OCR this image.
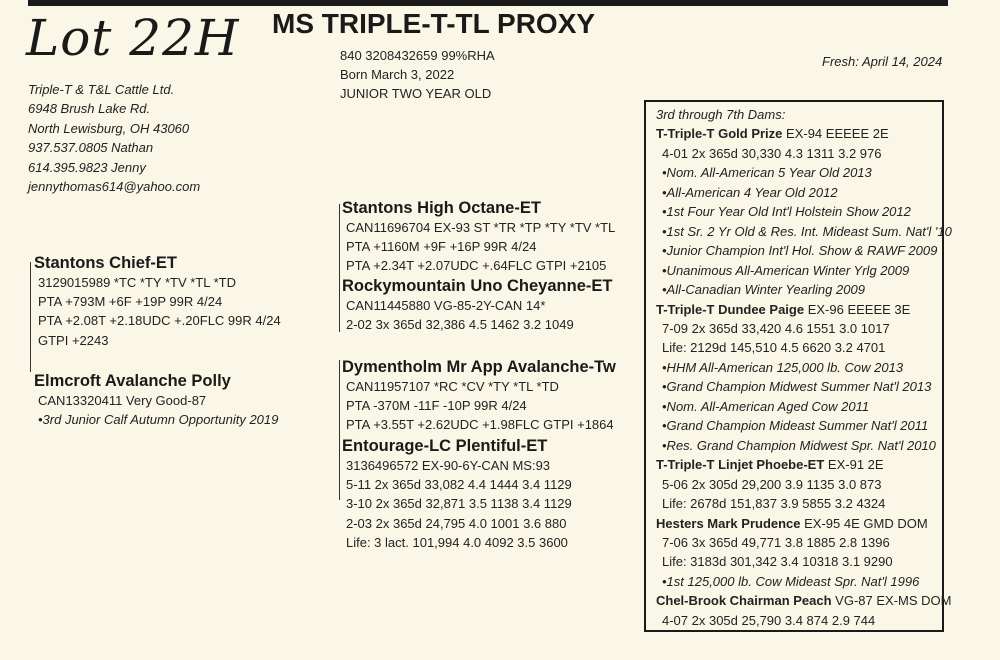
Lot 22H MS TRIPLE-T-TL PROXY
840 3208432659 99%RHA
Born March 3, 2022
JUNIOR TWO YEAR OLD
Fresh: April 14, 2024
Triple-T & T&L Cattle Ltd.
6948 Brush Lake Rd.
North Lewisburg, OH 43060
937.537.0805 Nathan
614.395.9823 Jenny
jennythomas614@yahoo.com
Stantons Chief-ET
3129015989 *TC *TY *TV *TL *TD
PTA +793M +6F +19P 99R 4/24
PTA +2.08T +2.18UDC +.20FLC 99R 4/24
GTPI +2243
Elmcroft Avalanche Polly
CAN13320411 Very Good-87
•3rd Junior Calf Autumn Opportunity 2019
Stantons High Octane-ET
CAN11696704 EX-93 ST *TR *TP *TY *TV *TL
PTA +1160M +9F +16P 99R 4/24
PTA +2.34T +2.07UDC +.64FLC GTPI +2105
Rockymountain Uno Cheyanne-ET
CAN11445880 VG-85-2Y-CAN 14*
2-02 3x 365d 32,386 4.5 1462 3.2 1049
Dymentholm Mr App Avalanche-Tw
CAN11957107 *RC *CV *TY *TL *TD
PTA -370M -11F -10P 99R 4/24
PTA +3.55T +2.62UDC +1.98FLC GTPI +1864
Entourage-LC Plentiful-ET
3136496572 EX-90-6Y-CAN MS:93
5-11 2x 365d 33,082 4.4 1444 3.4 1129
3-10 2x 365d 32,871 3.5 1138 3.4 1129
2-03 2x 365d 24,795 4.0 1001 3.6 880
Life: 3 lact. 101,994 4.0 4092 3.5 3600
3rd through 7th Dams:
T-Triple-T Gold Prize EX-94 EEEEE 2E
4-01 2x 365d 30,330 4.3 1311 3.2 976
•Nom. All-American 5 Year Old 2013
•All-American 4 Year Old 2012
•1st Four Year Old Int'l Holstein Show 2012
•1st Sr. 2 Yr Old & Res. Int. Mideast Sum. Nat'l '10
•Junior Champion Int'l Hol. Show & RAWF 2009
•Unanimous All-American Winter Yrlg 2009
•All-Canadian Winter Yearling 2009
T-Triple-T Dundee Paige EX-96 EEEEE 3E
7-09 2x 365d 33,420 4.6 1551 3.0 1017
Life: 2129d 145,510 4.5 6620 3.2 4701
•HHM All-American 125,000 lb. Cow 2013
•Grand Champion Midwest Summer Nat'l 2013
•Nom. All-American Aged Cow 2011
•Grand Champion Mideast Summer Nat'l 2011
•Res. Grand Champion Midwest Spr. Nat'l 2010
T-Triple-T Linjet Phoebe-ET EX-91 2E
5-06 2x 305d 29,200 3.9 1135 3.0 873
Life: 2678d 151,837 3.9 5855 3.2 4324
Hesters Mark Prudence EX-95 4E GMD DOM
7-06 3x 365d 49,771 3.8 1885 2.8 1396
Life: 3183d 301,342 3.4 10318 3.1 9290
•1st 125,000 lb. Cow Mideast Spr. Nat'l 1996
Chel-Brook Chairman Peach VG-87 EX-MS DOM
4-07 2x 305d 25,790 3.4 874 2.9 744
